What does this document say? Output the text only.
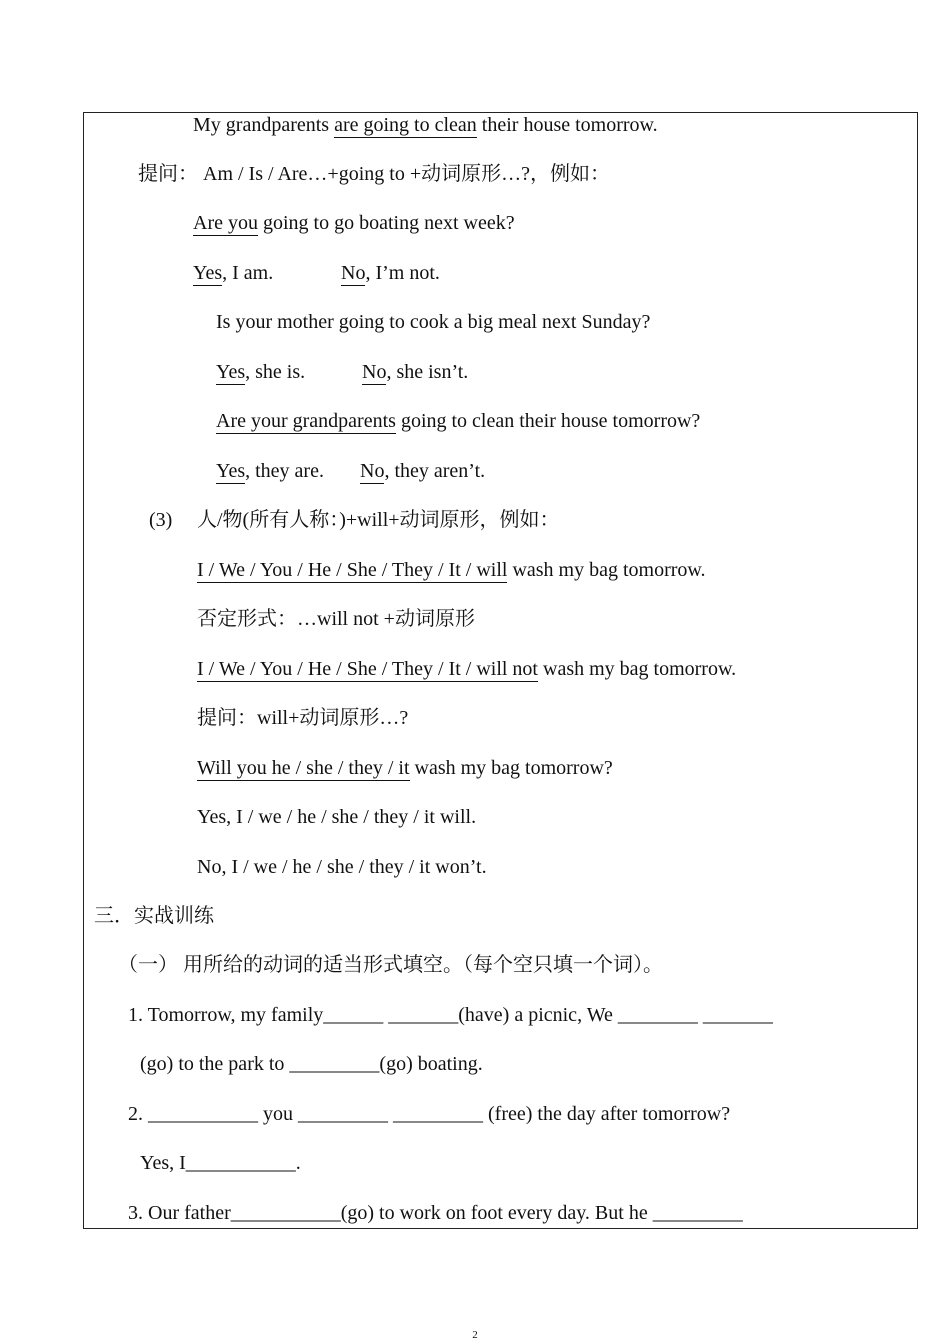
My grandparents are going to clean their house tomorrow.
提问： Am / Is / Are…+going to +动词原形…?，例如：
Are you going to go boating next week?
Yes, I am.	No, I’m not.
Is your mother going to cook a big meal next Sunday?
Yes, she is.	No, she isn’t.
Are your grandparents going to clean their house tomorrow?
Yes, they are. No, they aren’t.
(3) 人/物(所有人称：)+will+动词原形，例如：
I / We / You / He / She / They / It / will wash my bag tomorrow.
否定形式：…will not +动词原形
I / We / You / He / She / They / It / will not wash my bag tomorrow.
提问：will+动词原形…?
Will you he / she / they / it wash my bag tomorrow?
Yes, I / we / he / she / they / it will.
No, I / we / he / she / they / it won’t.
三．实战训练
（一） 用所给的动词的适当形式填空。（每个空只填一个词）。
1. Tomorrow, my family______ _______(have) a picnic, We ________ _______
(go) to the park to _________(go) boating.
2. ___________ you _________ _________ (free) the day after tomorrow?
Yes, I___________.
3. Our father___________(go) to work on foot every day. But he _________
2
